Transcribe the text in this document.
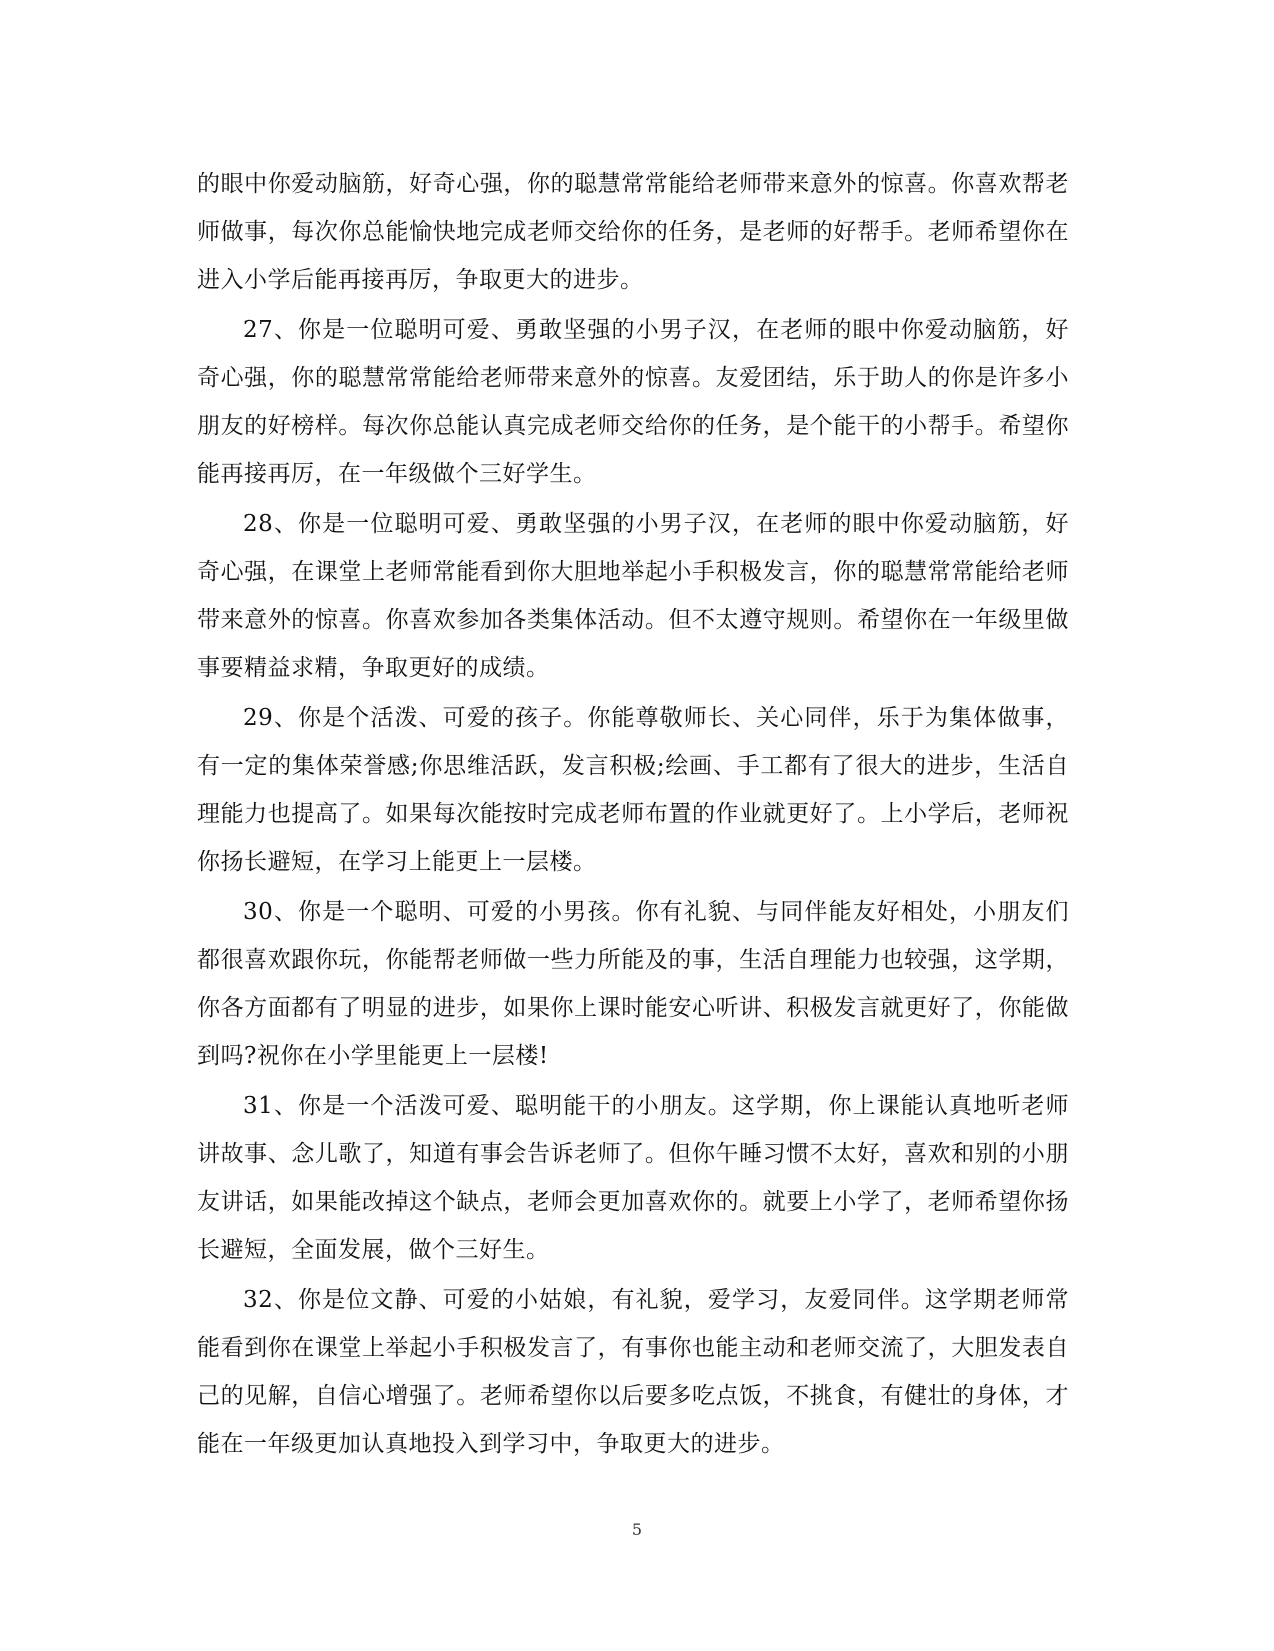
的眼中你爱动脑筋，好奇心强，你的聪慧常常能给老师带来意外的惊喜。你喜欢帮老师做事，每次你总能愉快地完成老师交给你的任务，是老师的好帮手。老师希望你在进入小学后能再接再厉，争取更大的进步。

27、你是一位聪明可爱、勇敢坚强的小男子汉，在老师的眼中你爱动脑筋，好奇心强，你的聪慧常常能给老师带来意外的惊喜。友爱团结，乐于助人的你是许多小朋友的好榜样。每次你总能认真完成老师交给你的任务，是个能干的小帮手。希望你能再接再厉，在一年级做个三好学生。

28、你是一位聪明可爱、勇敢坚强的小男子汉，在老师的眼中你爱动脑筋，好奇心强，在课堂上老师常能看到你大胆地举起小手积极发言，你的聪慧常常能给老师带来意外的惊喜。你喜欢参加各类集体活动。但不太遵守规则。希望你在一年级里做事要精益求精，争取更好的成绩。

29、你是个活泼、可爱的孩子。你能尊敬师长、关心同伴，乐于为集体做事，有一定的集体荣誉感;你思维活跃，发言积极;绘画、手工都有了很大的进步，生活自理能力也提高了。如果每次能按时完成老师布置的作业就更好了。上小学后，老师祝你扬长避短，在学习上能更上一层楼。

30、你是一个聪明、可爱的小男孩。你有礼貌、与同伴能友好相处，小朋友们都很喜欢跟你玩，你能帮老师做一些力所能及的事，生活自理能力也较强，这学期，你各方面都有了明显的进步，如果你上课时能安心听讲、积极发言就更好了，你能做到吗?祝你在小学里能更上一层楼!

31、你是一个活泼可爱、聪明能干的小朋友。这学期，你上课能认真地听老师讲故事、念儿歌了，知道有事会告诉老师了。但你午睡习惯不太好，喜欢和别的小朋友讲话，如果能改掉这个缺点，老师会更加喜欢你的。就要上小学了，老师希望你扬长避短，全面发展，做个三好生。

32、你是位文静、可爱的小姑娘，有礼貌，爱学习，友爱同伴。这学期老师常能看到你在课堂上举起小手积极发言了，有事你也能主动和老师交流了，大胆发表自己的见解，自信心增强了。老师希望你以后要多吃点饭，不挑食，有健壮的身体，才能在一年级更加认真地投入到学习中，争取更大的进步。

5
